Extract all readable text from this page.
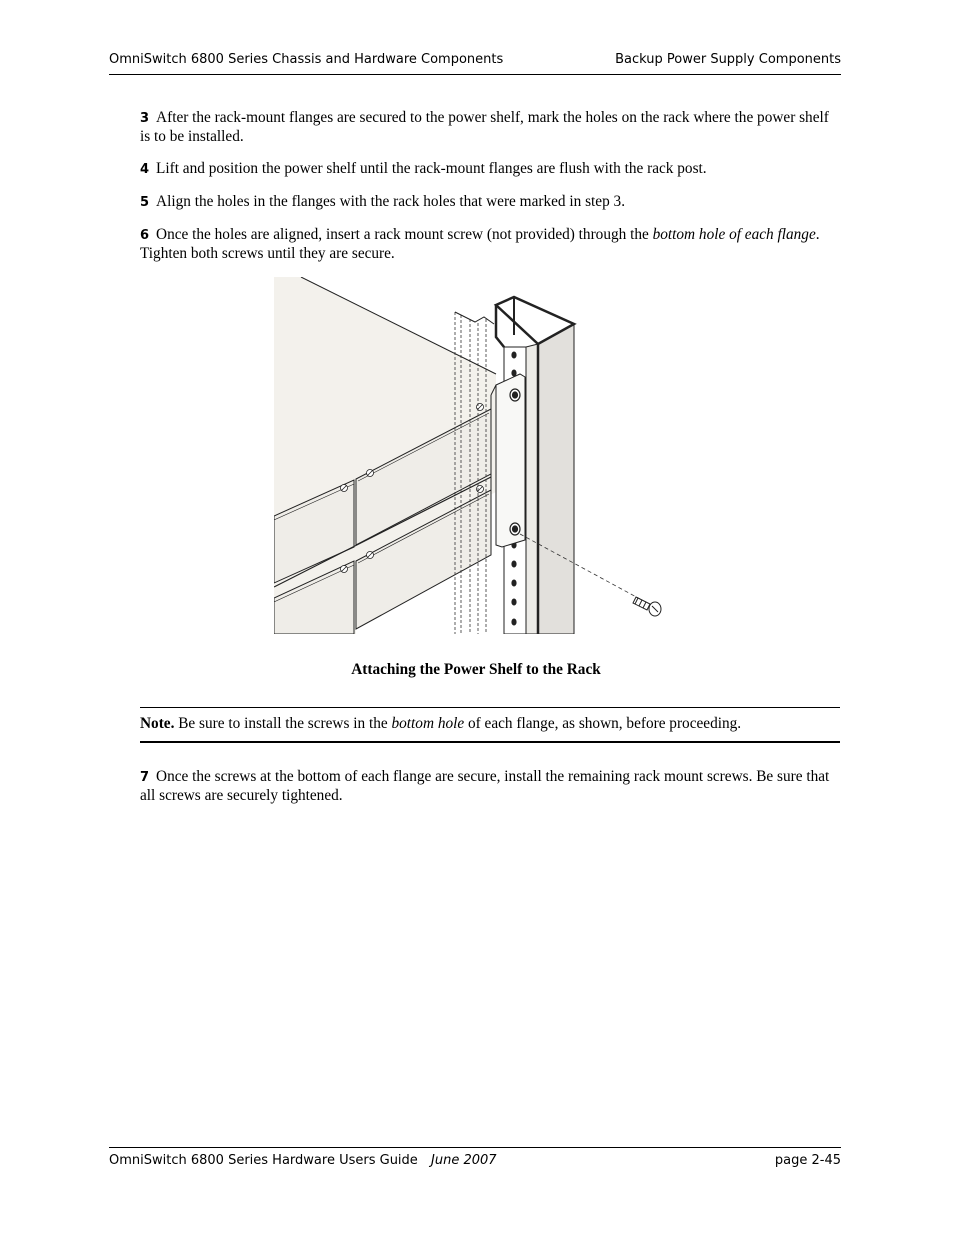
OmniSwitch 6800 Series Chassis and Hardware Components	Backup Power Supply Components
3 After the rack-mount flanges are secured to the power shelf, mark the holes on the rack where the power shelf is to be installed.
4 Lift and position the power shelf until the rack-mount flanges are flush with the rack post.
5 Align the holes in the flanges with the rack holes that were marked in step 3.
6 Once the holes are aligned, insert a rack mount screw (not provided) through the bottom hole of each flange. Tighten both screws until they are secure.
Attaching the Power Shelf to the Rack
Note. Be sure to install the screws in the bottom hole of each flange, as shown, before proceeding.
7 Once the screws at the bottom of each flange are secure, install the remaining rack mount screws. Be sure that all screws are securely tightened.
OmniSwitch 6800 Series Hardware Users Guide June 2007	page 2-45
